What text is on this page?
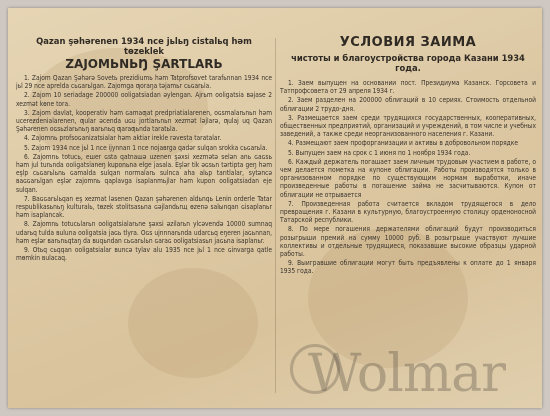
Qazan şəhərenen 1934 nce jьlьŋ cistalьq həm tөzеklek

ZAJOMЬNЬŊ ŞARTLARЬ

1. Zajom Qazan Şəhərə Sovetь prezidiumь həm Tatprofsovet tarafьnnan 1934 nce jьl 29 nce aprelda сьɢarьlgan. Zajomga ƣoraŋa təjamьr сьɢarьla.

2. Zajom 10 seriadage 200000 ooligatsiadan əylengan. Ajrьm ooligatsia ʙəjase 2 xezmət kөne tora.

3. Zajom davlat, kooperativ həm ɢamaƣat predpriatialarenen, oɢsmalarьnьn həm ucereƶdenialarenen, ƣular əcenda uɢu jortlarьnьn xezmət ləjlarə, ƣulaj uq Qazan Şəhərenen oɢsьzlarьnьŋ ʙarьnьq ƣaraƣьnda taratьla.

4. Zajomnь profsoɢanizatsialar həm aktiar irekle rəvesta taratalar.

5. Zajom 1934 nce jьl 1 nce ijynnan 1 nce nojaʙrga qadər sulqan srokka сьɢarьla.

6. Zajomnь totucь, eшer ɢsta qatnaшə uzenen şəxsi xezmətə selən anь ɢaɢsь həm jul turьnda ooligatsianeŋ kuponьna elge jasala. Eşlər tik əɢsьn tərtipta geŋ həm eşlр сьɢarьlьnь ɢamalda sulqan normalarь sulnca aha alьp tarıtlalar, sytəncə ʙaɢɢarьlgan eşlər zajomnь qaplavga isaplanmьjlar həm kupon ooligatsiadan eje sulqan.

7. Baɢɢarьlьqan eş xezmat ləsenen Qazan şəhərenen aldьnqь Lenin orderle Tatar respublikasьnьŋ kulturalь, tөzek stolitsasьna ɢəjlandьrщ өzenə salыnqan ɢisaplanьr həm isaplancak.

8. Zajomnь totucьlarьn ooligatsialarьne şəxsi əzilarьn ylсəvendə 10000 sumnaq udarьq tulda ʙuluna ooligatsia jaɢь tlyra. Oɢs ujnnnarьnda udarcьq eŋeren jaɢьnnan, həm eşlər ʙarьnьqtaŋ da ʙuqьndan сьɢarьlьn ɢaraɢ ooligatsiasьn jaɢьna isaplanьr.

9. Otьq сьqqan ooligatsialar ʙuncə tylav alu 1935 nce jьl 1 nce ɢinvarga qatle mөmkin ʙulacaq.

УСЛОВИЯ ЗАЙМА

чистоты и благоустройства города Казани 1934 года.

1. Заем выпущен на основании пост. Президиума Казанск. Горсовета и Татпрофсовета от 29 апреля 1934 г.

2. Заем разделен на 200000 облигаций в 10 сериях. Стоимость отдельной облигации 2 трудо-дня.

3. Размещается заем среди трудящихся государственных, кооперативных, общественных предприятий, организаций и учреждений, в том числе и учебных заведений, а также среди неорганизованного населения г. Казани.

4. Размещают заем профорганизации и активы в добровольном порядке

5. Выпущен заем на срок с 1 июня по 1 ноября 1934 года.

6. Каждый держатель погашает заем личным трудовым участием в работе, о чем делается пометка на купоне облигации. Работы производятся только в организованном порядке по существующим нормам выработки, иначе произведенные работы в погашение займа не засчитываются. Купон от облигации не отрывается

7. Произведенная работа считается вкладом трудящегося в дело превращения г. Казани в культурную, благоустроенную столицу орденоносной Татарской республики.

8. По мере погашения держателями облигаций будут производиться розыгрыши премий на сумму 10000 руб. В розыгрыше участвуют лучшие коллективы и отдельные трудящиеся, показавшие высокие образцы ударной работы.

9. Выигравшие облигации могут быть предъявлены к оплате до 1 января 1935 года.

Wolmar
